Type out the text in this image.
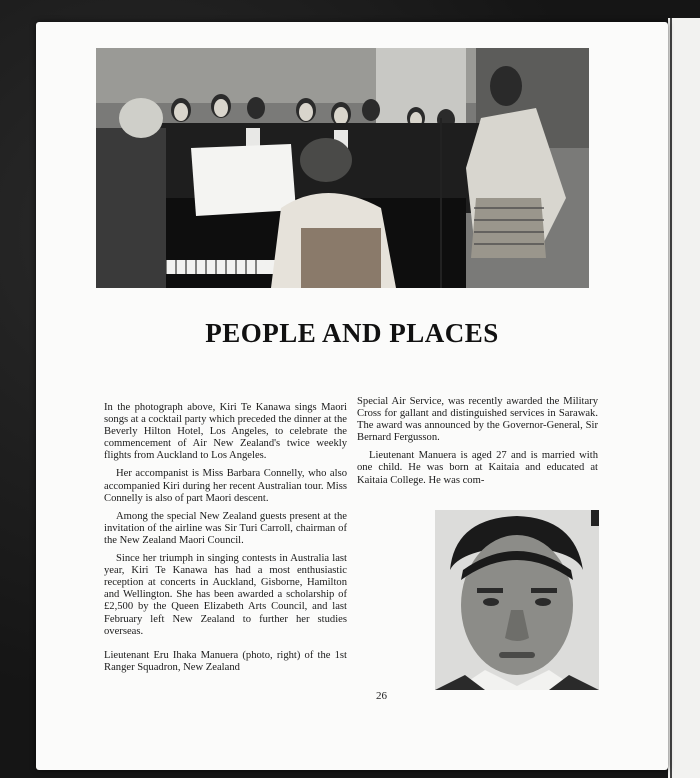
PEOPLE AND PLACES

In the photograph above, Kiri Te Kanawa sings Maori songs at a cocktail party which preceded the dinner at the Beverly Hilton Hotel, Los Angeles, to celebrate the commencement of Air New Zealand's twice weekly flights from Auckland to Los Angeles.

Her accompanist is Miss Barbara Connelly, who also accompanied Kiri during her recent Australian tour. Miss Connelly is also of part Maori descent.

Among the special New Zealand guests present at the invitation of the airline was Sir Turi Carroll, chairman of the New Zealand Maori Council.

Since her triumph in singing contests in Australia last year, Kiri Te Kanawa has had a most enthusiastic reception at concerts in Auckland, Gisborne, Hamilton and Wellington. She has been awarded a scholarship of £2,500 by the Queen Elizabeth Arts Council, and last February left New Zealand to further her studies overseas.

Lieutenant Eru Ihaka Manuera (photo, right) of the 1st Ranger Squadron, New Zealand

Special Air Service, was recently awarded the Military Cross for gallant and distinguished services in Sarawak. The award was announced by the Governor-General, Sir Bernard Fergusson.

Lieutenant Manuera is aged 27 and is married with one child. He was born at Kaitaia and educated at Kaitaia College. He was com-

26
